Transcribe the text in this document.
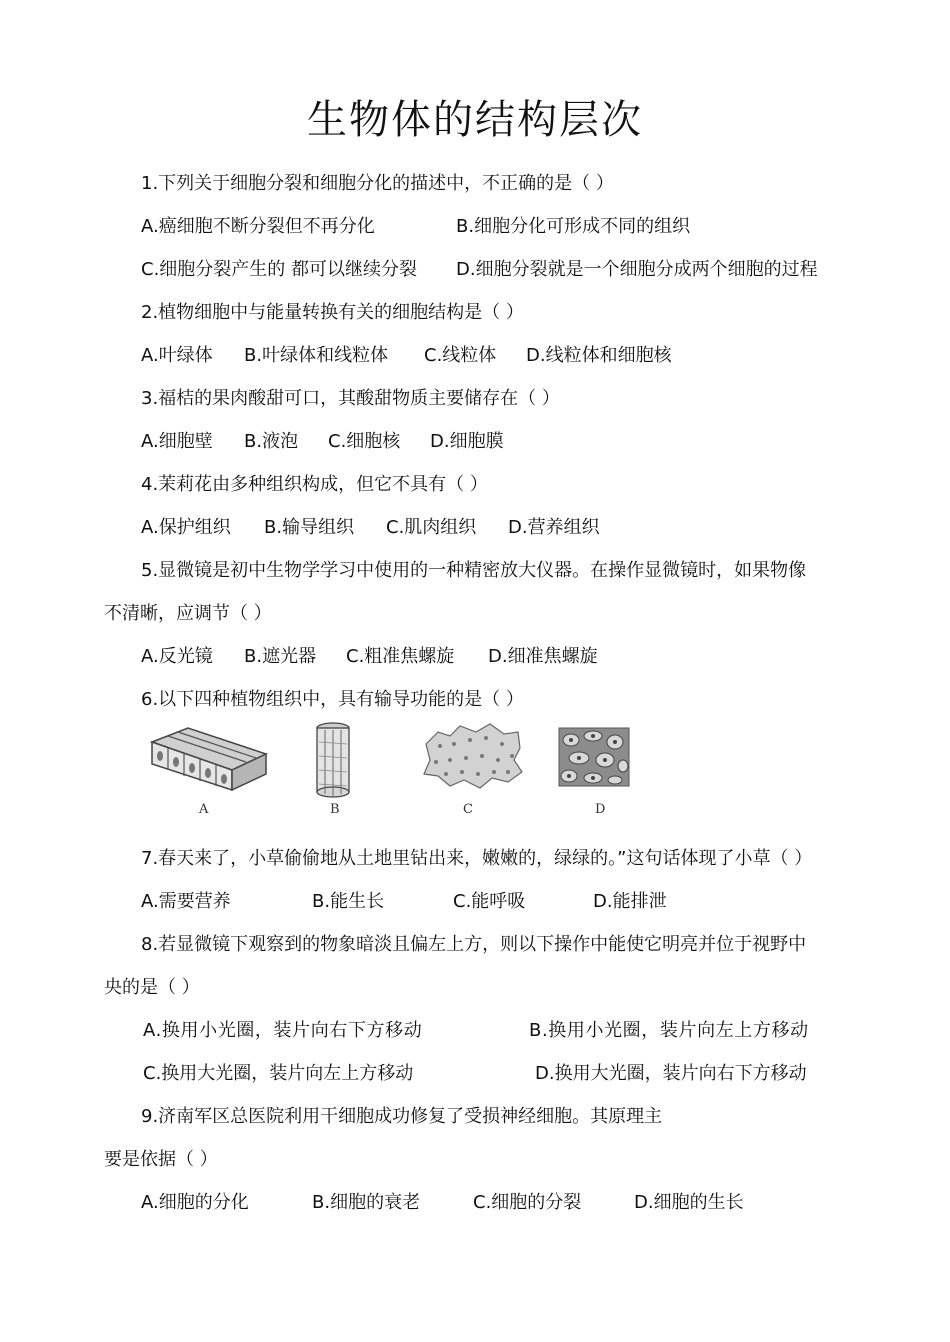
生物体的结构层次
1.下列关于细胞分裂和细胞分化的描述中，不正确的是（ ）
A.癌细胞不断分裂但不再分化	B.细胞分化可形成不同的组织
C.细胞分裂产生的 都可以继续分裂 D.细胞分裂就是一个细胞分成两个细胞的过程
2.植物细胞中与能量转换有关的细胞结构是（ ）
A.叶绿体 B.叶绿体和线粒体 C.线粒体 D.线粒体和细胞核
3.福桔的果肉酸甜可口，其酸甜物质主要储存在（ ）
A.细胞壁 B.液泡 C.细胞核 D.细胞膜
4.茉莉花由多种组织构成，但它不具有（ ）
A.保护组织 B.输导组织 C.肌肉组织 D.营养组织
5.显微镜是初中生物学学习中使用的一种精密放大仪器。在操作显微镜时，如果物像
不清晰，应调节（ ）
A.反光镜 B.遮光器 C.粗准焦螺旋 D.细准焦螺旋
6.以下四种植物组织中，具有输导功能的是（ ）
A	B	C	D
7.春天来了，小草偷偷地从土地里钻出来，嫩嫩的，绿绿的。”这句话体现了小草（ ）
A.需要营养	B.能生长	C.能呼吸	D.能排泄
8.若显微镜下观察到的物象暗淡且偏左上方，则以下操作中能使它明亮并位于视野中
央的是（ ）
A.换用小光圈，装片向右下方移动	B.换用小光圈，装片向左上方移动
C.换用大光圈，装片向左上方移动	D.换用大光圈，装片向右下方移动
9.济南军区总医院利用干细胞成功修复了受损神经细胞。其原理主
要是依据（ ）
A.细胞的分化	B.细胞的衰老	C.细胞的分裂	D.细胞的生长
